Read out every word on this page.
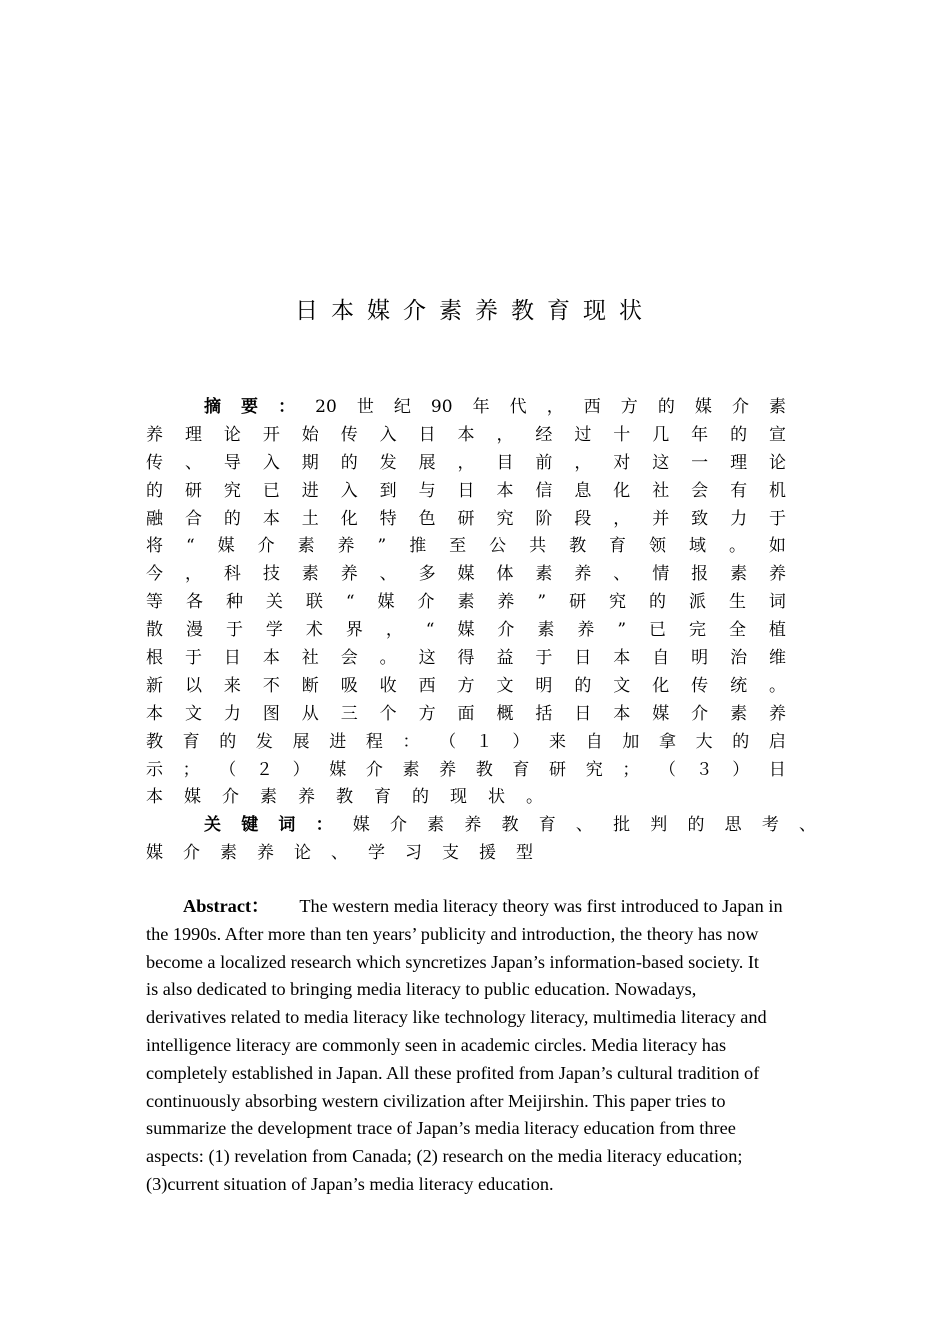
日本媒介素养教育现状
摘 要 ： 20 世 纪 90 年 代 ， 西 方 的 媒 介 素
养 理 论 开 始 传 入 日 本 ， 经 过 十 几 年 的 宣
传 、 导 入 期 的 发 展 ， 目 前 ， 对 这 一 理 论
的 研 究 已 进 入 到 与 日 本 信 息 化 社 会 有 机
融 合 的 本 土 化 特 色 研 究 阶 段 ， 并 致 力 于
将 “ 媒 介 素 养 ” 推 至 公 共 教 育 领 域 。 如
今 ， 科 技 素 养 、 多 媒 体 素 养 、 情 报 素 养
等 各 种 关 联 “ 媒 介 素 养 ” 研 究 的 派 生 词
散 漫 于 学 术 界 ， “ 媒 介 素 养 ” 已 完 全 植
根 于 日 本 社 会 。 这 得 益 于 日 本 自 明 治 维
新 以 来 不 断 吸 收 西 方 文 明 的 文 化 传 统 。
本 文 力 图 从 三 个 方 面 概 括 日 本 媒 介 素 养
教 育 的 发 展 进 程 ： （ １ ） 来 自 加 拿 大 的 启
示 ； （ ２ ） 媒 介 素 养 教 育 研 究 ； （ ３ ） 日
本 媒 介 素 养 教 育 的 现 状 。
关 键 词 ： 媒 介 素 养 教 育 、 批 判 的 思 考 、
媒 介 素 养 论 、 学 习 支 援 型
Abstract： The western media literacy theory was first introduced to Japan in
the 1990s. After more than ten years’ publicity and introduction, the theory has now
become a localized research which syncretizes Japan’s information-based society. It
is also dedicated to bringing media literacy to public education. Nowadays,
derivatives related to media literacy like technology literacy, multimedia literacy and
intelligence literacy are commonly seen in academic circles. Media literacy has
completely established in Japan. All these profited from Japan’s cultural tradition of
continuously absorbing western civilization after Meijirshin. This paper tries to
summarize the development trace of Japan’s media literacy education from three
aspects: (1) revelation from Canada; (2) research on the media literacy education;
(3)current situation of Japan’s media literacy education.
